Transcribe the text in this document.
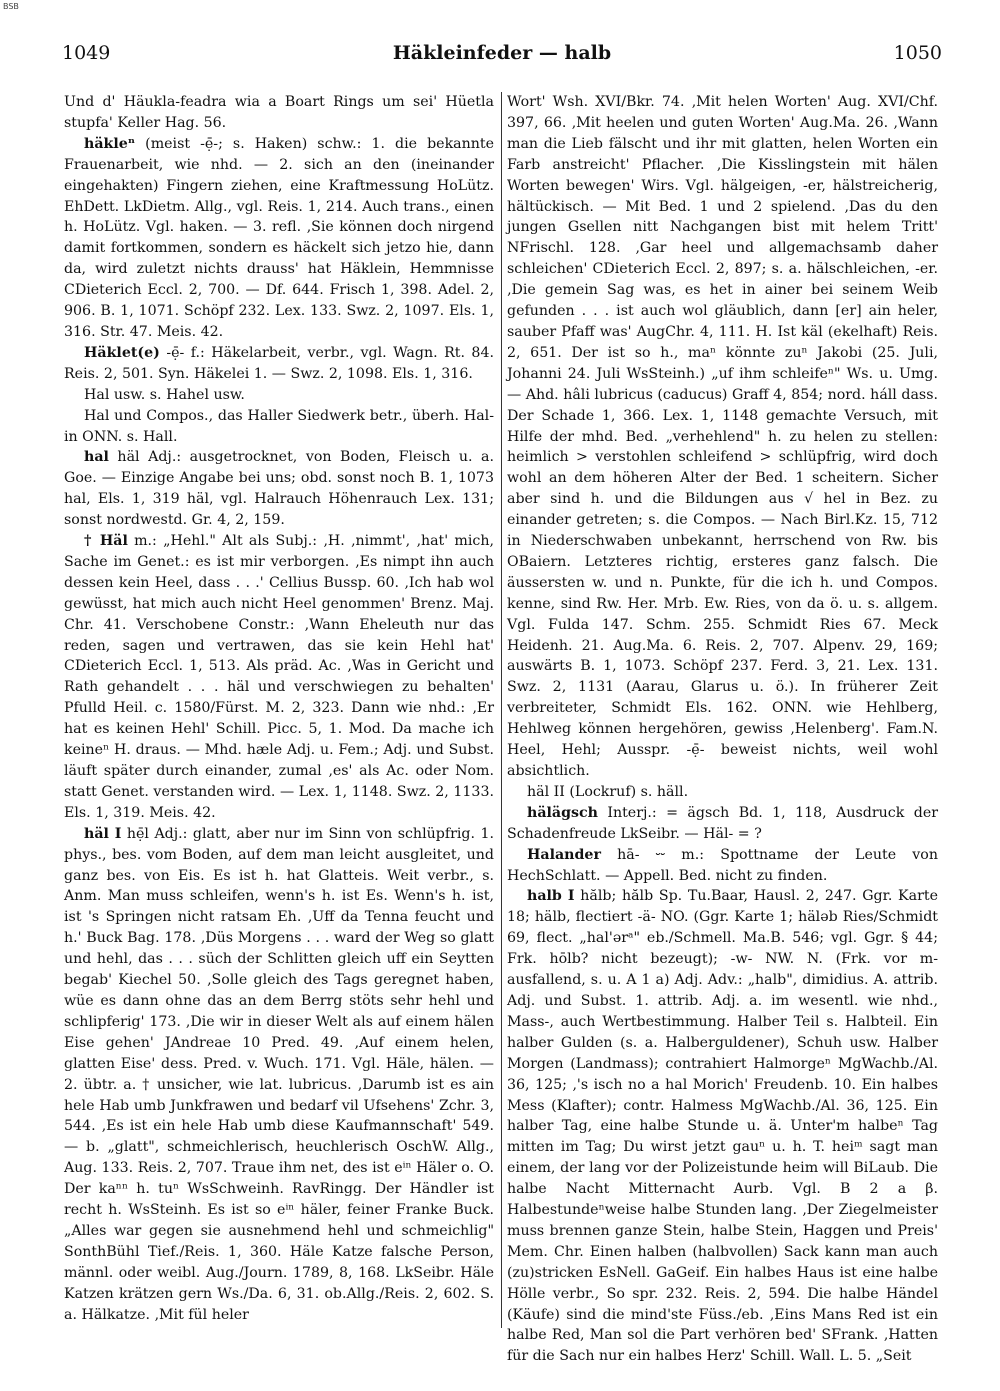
BSB
1049	Häkleinfeder — halb	1050

Und d' Häukla-feadra wia a Boart Rings um sei' Hüetla stupfa' Keller Hag. 56.

häkleⁿ (meist -ẹ̄-; s. Haken) schw.: 1. die bekannte Frauenarbeit, wie nhd. — 2. sich an den (ineinander eingehakten) Fingern ziehen, eine Kraftmessung HoLütz. EhDett. LkDietm. Allg., vgl. Reis. 1, 214. Auch trans., einen h. HoLütz. Vgl. haken. — 3. refl. ‚Sie können doch nirgend damit fortkommen, sondern es häckelt sich jetzo hie, dann da, wird zuletzt nichts drauss' hat Häklein, Hemmnisse CDieterich Eccl. 2, 700. — Df. 644. Frisch 1, 398. Adel. 2, 906. B. 1, 1071. Schöpf 232. Lex. 133. Swz. 2, 1097. Els. 1, 316. Str. 47. Meis. 42.

Häklet(e) -ẹ̄- f.: Häkelarbeit, verbr., vgl. Wagn. Rt. 84. Reis. 2, 501. Syn. Häkelei 1. — Swz. 2, 1098. Els. 1, 316.

Hal usw. s. Hahel usw.

Hal und Compos., das Haller Siedwerk betr., überh. Hal- in ONN. s. Hall.

hal häl Adj.: ausgetrocknet, von Boden, Fleisch u. a. Goe. — Einzige Angabe bei uns; obd. sonst noch B. 1, 1073 hal, Els. 1, 319 häl, vgl. Halrauch Höhenrauch Lex. 131; sonst nordwestd. Gr. 4, 2, 159.

† Häl m.: „Hehl." Alt als Subj.: ‚H. ‚nimmt', ‚hat' mich, Sache im Genet.: es ist mir verborgen. ‚Es nimpt ihn auch dessen kein Heel, dass . . .' Cellius Bussp. 60. ‚Ich hab wol gewüsst, hat mich auch nicht Heel genommen' Brenz. Maj. Chr. 41. Verschobene Constr.: ‚Wann Eheleuth nur das reden, sagen und vertrawen, das sie kein Hehl hat' CDieterich Eccl. 1, 513. Als präd. Ac. ‚Was in Gericht und Rath gehandelt . . . häl und verschwiegen zu behalten' Pfulld Heil. c. 1580/Fürst. M. 2, 323. Dann wie nhd.: ‚Er hat es keinen Hehl' Schill. Picc. 5, 1. Mod. Da mache ich keineⁿ H. draus. — Mhd. hæle Adj. u. Fem.; Adj. und Subst. läuft später durch einander, zumal ‚es' als Ac. oder Nom. statt Genet. verstanden wird. — Lex. 1, 1148. Swz. 2, 1133. Els. 1, 319. Meis. 42.

häl I hẹ̄l Adj.: glatt, aber nur im Sinn von schlüpfrig. 1. phys., bes. vom Boden, auf dem man leicht ausgleitet, und ganz bes. von Eis. Es ist h. hat Glatteis. Weit verbr., s. Anm. Man muss schleifen, wenn's h. ist Es. Wenn's h. ist, ist 's Springen nicht ratsam Eh. ‚Uff da Tenna feucht und h.' Buck Bag. 178. ‚Düs Morgens . . . ward der Weg so glatt und hehl, das . . . süch der Schlitten gleich uff ein Seytten begab' Kiechel 50. ‚Solle gleich des Tags geregnet haben, wüe es dann ohne das an dem Berrg stöts sehr hehl und schlipferig' 173. ‚Die wir in dieser Welt als auf einem hälen Eise gehen' JAndreae 10 Pred. 49. ‚Auf einem helen, glatten Eise' dess. Pred. v. Wuch. 171. Vgl. Häle, hälen. — 2. übtr. a. † unsicher, wie lat. lubricus. ‚Darumb ist es ain hele Hab umb Junkfrawen und bedarf vil Ufsehens' Zchr. 3, 544. ‚Es ist ein hele Hab umb diese Kaufmannschaft' 549. — b. „glatt", schmeichlerisch, heuchlerisch OschW. Allg., Aug. 133. Reis. 2, 707. Traue ihm net, des ist eⁱⁿ Häler o. O. Der kaⁿⁿ h. tuⁿ WsSchweinh. RavRingg. Der Händler ist recht h. WsSteinh. Es ist so eⁱⁿ häler, feiner Franke Buck. „Alles war gegen sie ausnehmend hehl und schmeichlig" SonthBühl Tief./Reis. 1, 360. Häle Katze falsche Person, männl. oder weibl. Aug./Journ. 1789, 8, 168. LkSeibr. Häle Katzen krätzen gern Ws./Da. 6, 31. ob.Allg./Reis. 2, 602. S. a. Hälkatze. ‚Mit fül heler

Wort' Wsh. XVI/Bkr. 74. ‚Mit helen Worten' Aug. XVI/Chf. 397, 66. ‚Mit heelen und guten Worten' Aug.Ma. 26. ‚Wann man die Lieb fälscht und ihr mit glatten, helen Worten ein Farb anstreicht' Pflacher. ‚Die Kisslingstein mit hälen Worten bewegen' Wirs. Vgl. hälgeigen, -er, hälstreicherig, hältückisch. — Mit Bed. 1 und 2 spielend. ‚Das du den jungen Gsellen nitt Nachgangen bist mit helem Tritt' NFrischl. 128. ‚Gar heel und allgemachsamb daher schleichen' CDieterich Eccl. 2, 897; s. a. hälschleichen, -er. ‚Die gemein Sag was, es het in ainer bei seinem Weib gefunden . . . ist auch wol gläublich, dann [er] ain heler, sauber Pfaff was' AugChr. 4, 111. H. Ist käl (ekelhaft) Reis. 2, 651. Der ist so h., maⁿ könnte zuⁿ Jakobi (25. Juli, Johanni 24. Juli WsSteinh.) „uf ihm schleifeⁿ" Ws. u. Umg. — Ahd. hâli lubricus (caducus) Graff 4, 854; nord. háll dass. Der Schade 1, 366. Lex. 1, 1148 gemachte Versuch, mit Hilfe der mhd. Bed. „verhehlend" h. zu helen zu stellen: heimlich > verstohlen schleifend > schlüpfrig, wird doch wohl an dem höheren Alter der Bed. 1 scheitern. Sicher aber sind h. und die Bildungen aus √ hel in Bez. zu einander getreten; s. die Compos. — Nach Birl.Kz. 15, 712 in Niederschwaben unbekannt, herrschend von Rw. bis OBaiern. Letzteres richtig, ersteres ganz falsch. Die äussersten w. und n. Punkte, für die ich h. und Compos. kenne, sind Rw. Her. Mrb. Ew. Ries, von da ö. u. s. allgem. Vgl. Fulda 147. Schm. 255. Schmidt Ries 67. Meck Heidenh. 21. Aug.Ma. 6. Reis. 2, 707. Alpenv. 29, 169; auswärts B. 1, 1073. Schöpf 237. Ferd. 3, 21. Lex. 131. Swz. 2, 1131 (Aarau, Glarus u. ö.). In früherer Zeit verbreiteter, Schmidt Els. 162. ONN. wie Hehlberg, Hehlweg können hergehören, gewiss ‚Helenberg'. Fam.N. Heel, Hehl; Ausspr. -ẹ̄- beweist nichts, weil wohl absichtlich.

häl II (Lockruf) s. häll.

hälägsch Interj.: = ägsch Bd. 1, 118, Ausdruck der Schadenfreude LkSeibr. — Häl- = ?

Halander hā- ⏑⏑ m.: Spottname der Leute von HechSchlatt. — Appell. Bed. nicht zu finden.

halb I hălb; hălb Sp. Tu.Baar, Hausl. 2, 247. Ggr. Karte 18; hälb, flectiert -ä- NO. (Ggr. Karte 1; häləb Ries/Schmidt 69, flect. „hal'ərᵃ" eb./Schmell. Ma.B. 546; vgl. Ggr. § 44; Frk. hōlb? nicht bezeugt); -w- NW. N. (Frk. vor m- ausfallend, s. u. A 1 a) Adj. Adv.: „halb", dimidius. A. attrib. Adj. und Subst. 1. attrib. Adj. a. im wesentl. wie nhd., Mass-, auch Wertbestimmung. Halber Teil s. Halbteil. Ein halber Gulden (s. a. Halberguldener), Schuh usw. Halber Morgen (Landmass); contrahiert Halmorgeⁿ MgWachb./Al. 36, 125; ‚'s isch no a hal Morich' Freudenb. 10. Ein halbes Mess (Klafter); contr. Halmess MgWachb./Al. 36, 125. Ein halber Tag, eine halbe Stunde u. ä. Unter'm halbeⁿ Tag mitten im Tag; Du wirst jetzt gauⁿ u. h. T. heiᵐ sagt man einem, der lang vor der Polizeistunde heim will BiLaub. Die halbe Nacht Mitternacht Aurb. Vgl. B 2 a β. Halbestundeⁿweise halbe Stunden lang. ‚Der Ziegelmeister muss brennen ganze Stein, halbe Stein, Haggen und Preis' Mem. Chr. Einen halben (halbvollen) Sack kann man auch (zu)stricken EsNell. GaGeif. Ein halbes Haus ist eine halbe Hölle verbr., So spr. 232. Reis. 2, 594. Die halbe Händel (Käufe) sind die mind'ste Füss./eb. ‚Eins Mans Red ist ein halbe Red, Man sol die Part verhören bed' SFrank. ‚Hatten für die Sach nur ein halbes Herz' Schill. Wall. L. 5. „Seit
